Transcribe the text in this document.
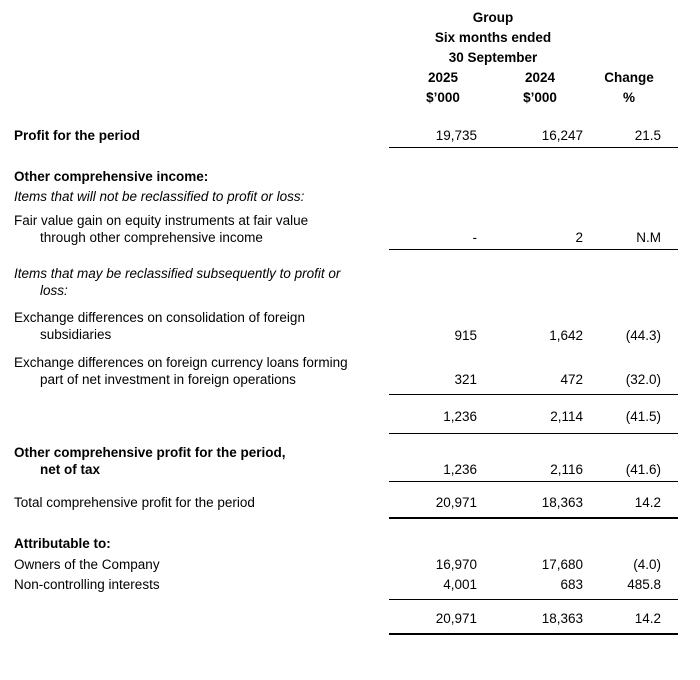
Group
Six months ended
30 September
2025
$’000
2024
$’000
Change
%
Profit for the period	19,735	16,247	21.5
Other comprehensive income:
Items that will not be reclassified to profit or loss:
Fair value gain on equity instruments at fair value
through other comprehensive income	-	2	N.M
Items that may be reclassified subsequently to profit or
loss:
Exchange differences on consolidation of foreign
subsidiaries	915	1,642	(44.3)
Exchange differences on foreign currency loans forming
part of net investment in foreign operations	321	472	(32.0)
1,236	2,114	(41.5)
Other comprehensive profit for the period,
net of tax	1,236	2,116	(41.6)
Total comprehensive profit for the period	20,971	18,363	14.2
Attributable to:
Owners of the Company	16,970	17,680	(4.0)
Non-controlling interests	4,001	683	485.8
20,971	18,363	14.2
